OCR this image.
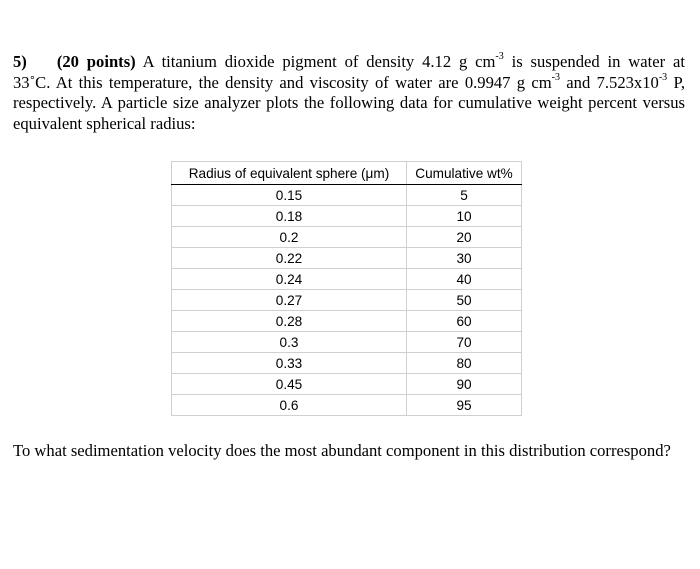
5) (20 points) A titanium dioxide pigment of density 4.12 g $cm^{-3}$ is suspended in water at
33˚C. At this temperature, the density and viscosity of water are 0.9947 g $cm^{-3}$ and $7.523x10^{-3}$ P,
respectively. A particle size analyzer plots the following data for cumulative weight percent versus
equivalent spherical radius:
Radius of equivalent sphere (μm)	Cumulative wt%
0.15	5
0.18	10
0.2	20
0.22	30
0.24	40
0.27	50
0.28	60
0.3	70
0.33	80
0.45	90
0.6	95
To what sedimentation velocity does the most abundant component in this distribution correspond?
